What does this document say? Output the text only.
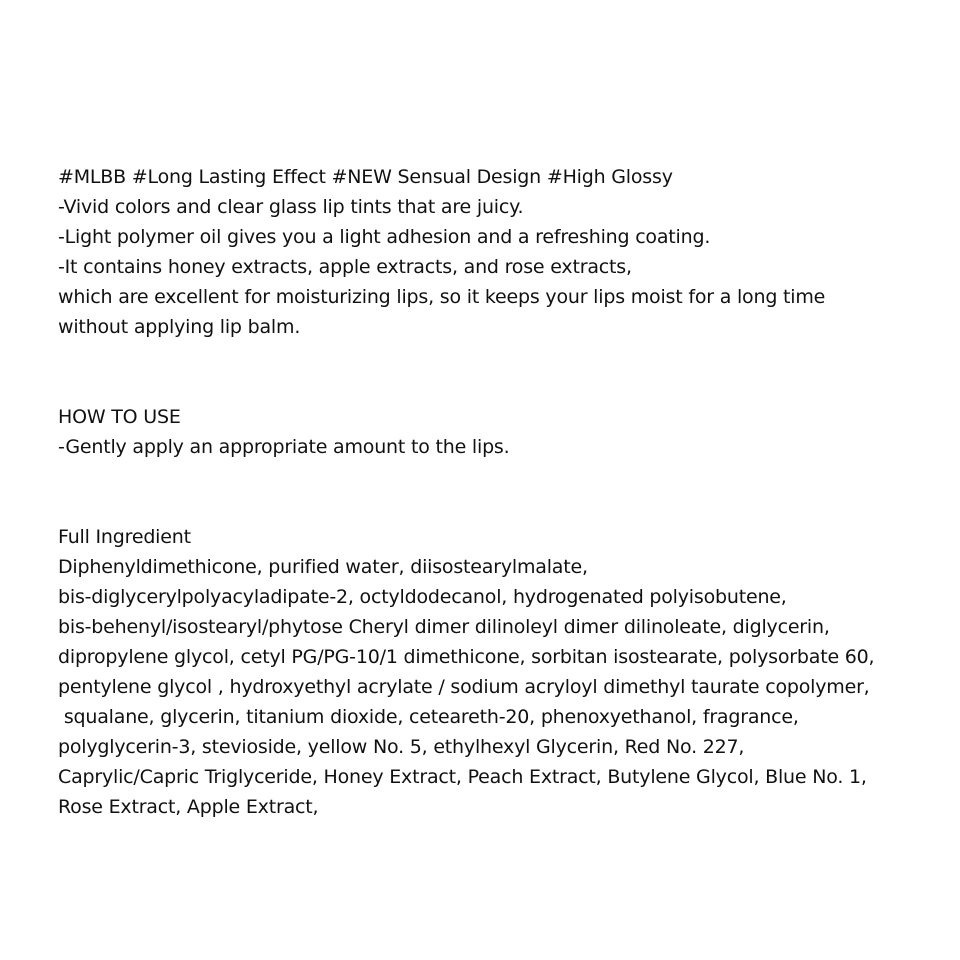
#MLBB #Long Lasting Effect #NEW Sensual Design #High Glossy
-Vivid colors and clear glass lip tints that are juicy.
-Light polymer oil gives you a light adhesion and a refreshing coating.
-It contains honey extracts, apple extracts, and rose extracts,
which are excellent for moisturizing lips, so it keeps your lips moist for a long time
without applying lip balm.
HOW TO USE
-Gently apply an appropriate amount to the lips.
Full Ingredient
Diphenyldimethicone, purified water, diisostearylmalate,
bis-diglycerylpolyacyladipate-2, octyldodecanol, hydrogenated polyisobutene,
bis-behenyl/isostearyl/phytose Cheryl dimer dilinoleyl dimer dilinoleate, diglycerin,
dipropylene glycol, cetyl PG/PG-10/1 dimethicone, sorbitan isostearate, polysorbate 60,
pentylene glycol , hydroxyethyl acrylate / sodium acryloyl dimethyl taurate copolymer,
squalane, glycerin, titanium dioxide, ceteareth-20, phenoxyethanol, fragrance,
polyglycerin-3, stevioside, yellow No. 5, ethylhexyl Glycerin, Red No. 227,
Caprylic/Capric Triglyceride, Honey Extract, Peach Extract, Butylene Glycol, Blue No. 1,
Rose Extract, Apple Extract,
